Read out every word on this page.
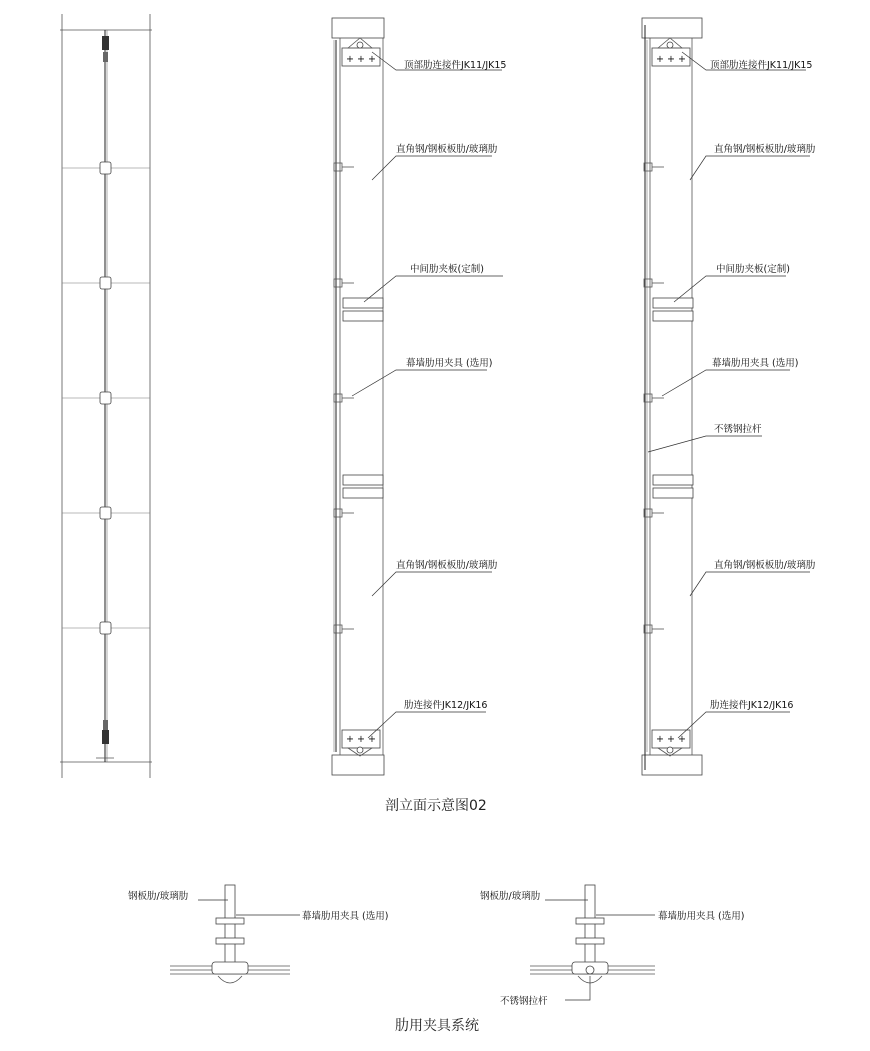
+ + +
+ + +
+ + +
+ + +
顶部肋连接件JK11/JK15
直角钢/钢板板肋/玻璃肋
中间肋夹板(定制)
幕墙肋用夹具 (选用)
直角钢/钢板板肋/玻璃肋
肋连接件JK12/JK16
顶部肋连接件JK11/JK15
直角钢/钢板板肋/玻璃肋
中间肋夹板(定制)
幕墙肋用夹具 (选用)
不锈钢拉杆
直角钢/钢板板肋/玻璃肋
肋连接件JK12/JK16
钢板肋/玻璃肋
幕墙肋用夹具 (选用)
钢板肋/玻璃肋
幕墙肋用夹具 (选用)
不锈钢拉杆
剖立面示意图02
肋用夹具系统
